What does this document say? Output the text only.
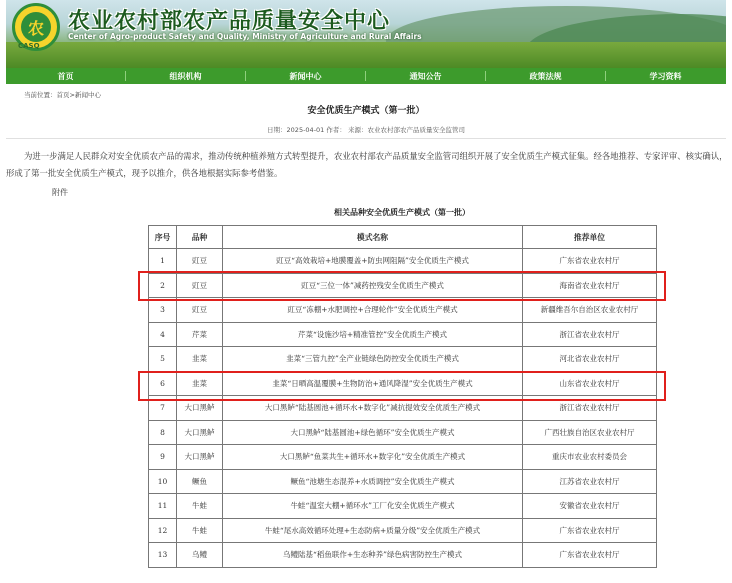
农
CASQ
农业农村部农产品质量安全中心
Center of Agro-product Safety and Quality, Ministry of Agriculture and Rural Affairs
首页	组织机构	新闻中心	通知公告	政策法规	学习资料
当前位置：首页>新闻中心
安全优质生产模式（第一批）
日期：2025-04-01 作者： 来源：农业农村部农产品质量安全监管司
为进一步满足人民群众对安全优质农产品的需求，推动传统种植养殖方式转型提升，农业农村部农产品质量安全监管司组织开展了安全优质生产模式征集。经各地推荐、专家评审、核实确认，形成了第一批安全优质生产模式，现予以推介，供各地根据实际参考借鉴。
附件
相关品种安全优质生产模式（第一批）
序号	品种	模式名称	推荐单位
1	豇豆	豇豆“高效栽培+地膜覆盖+防虫网阻隔”安全优质生产模式	广东省农业农村厅
2	豇豆	豇豆“三位一体”减药控残安全优质生产模式	海南省农业农村厅
3	豇豆	豇豆“冻棚+水肥调控+合理轮作”安全优质生产模式	新疆维吾尔自治区农业农村厅
4	芹菜	芹菜“设施沙培+精准管控”安全优质生产模式	浙江省农业农村厅
5	韭菜	韭菜“三管九控”全产业链绿色防控安全优质生产模式	河北省农业农村厅
6	韭菜	韭菜“日晒高温覆膜+生物防治+通风降湿”安全优质生产模式	山东省农业农村厅
7	大口黑鲈	大口黑鲈“陆基圆池+循环水+数字化”减抗提效安全优质生产模式	浙江省农业农村厅
8	大口黑鲈	大口黑鲈“陆基圆池+绿色循环”安全优质生产模式	广西壮族自治区农业农村厅
9	大口黑鲈	大口黑鲈“鱼菜共生+循环水+数字化”安全优质生产模式	重庆市农业农村委员会
10	鳜鱼	鳜鱼“池塘生态混养+水质调控”安全优质生产模式	江苏省农业农村厅
11	牛蛙	牛蛙“温室大棚+循环水”工厂化安全优质生产模式	安徽省农业农村厅
12	牛蛙	牛蛙“尾水高效循环处理+生态防病+质量分级”安全优质生产模式	广东省农业农村厅
13	乌鳢	乌鳢陆基“稻鱼联作+生态种养”绿色病害防控生产模式	广东省农业农村厅
